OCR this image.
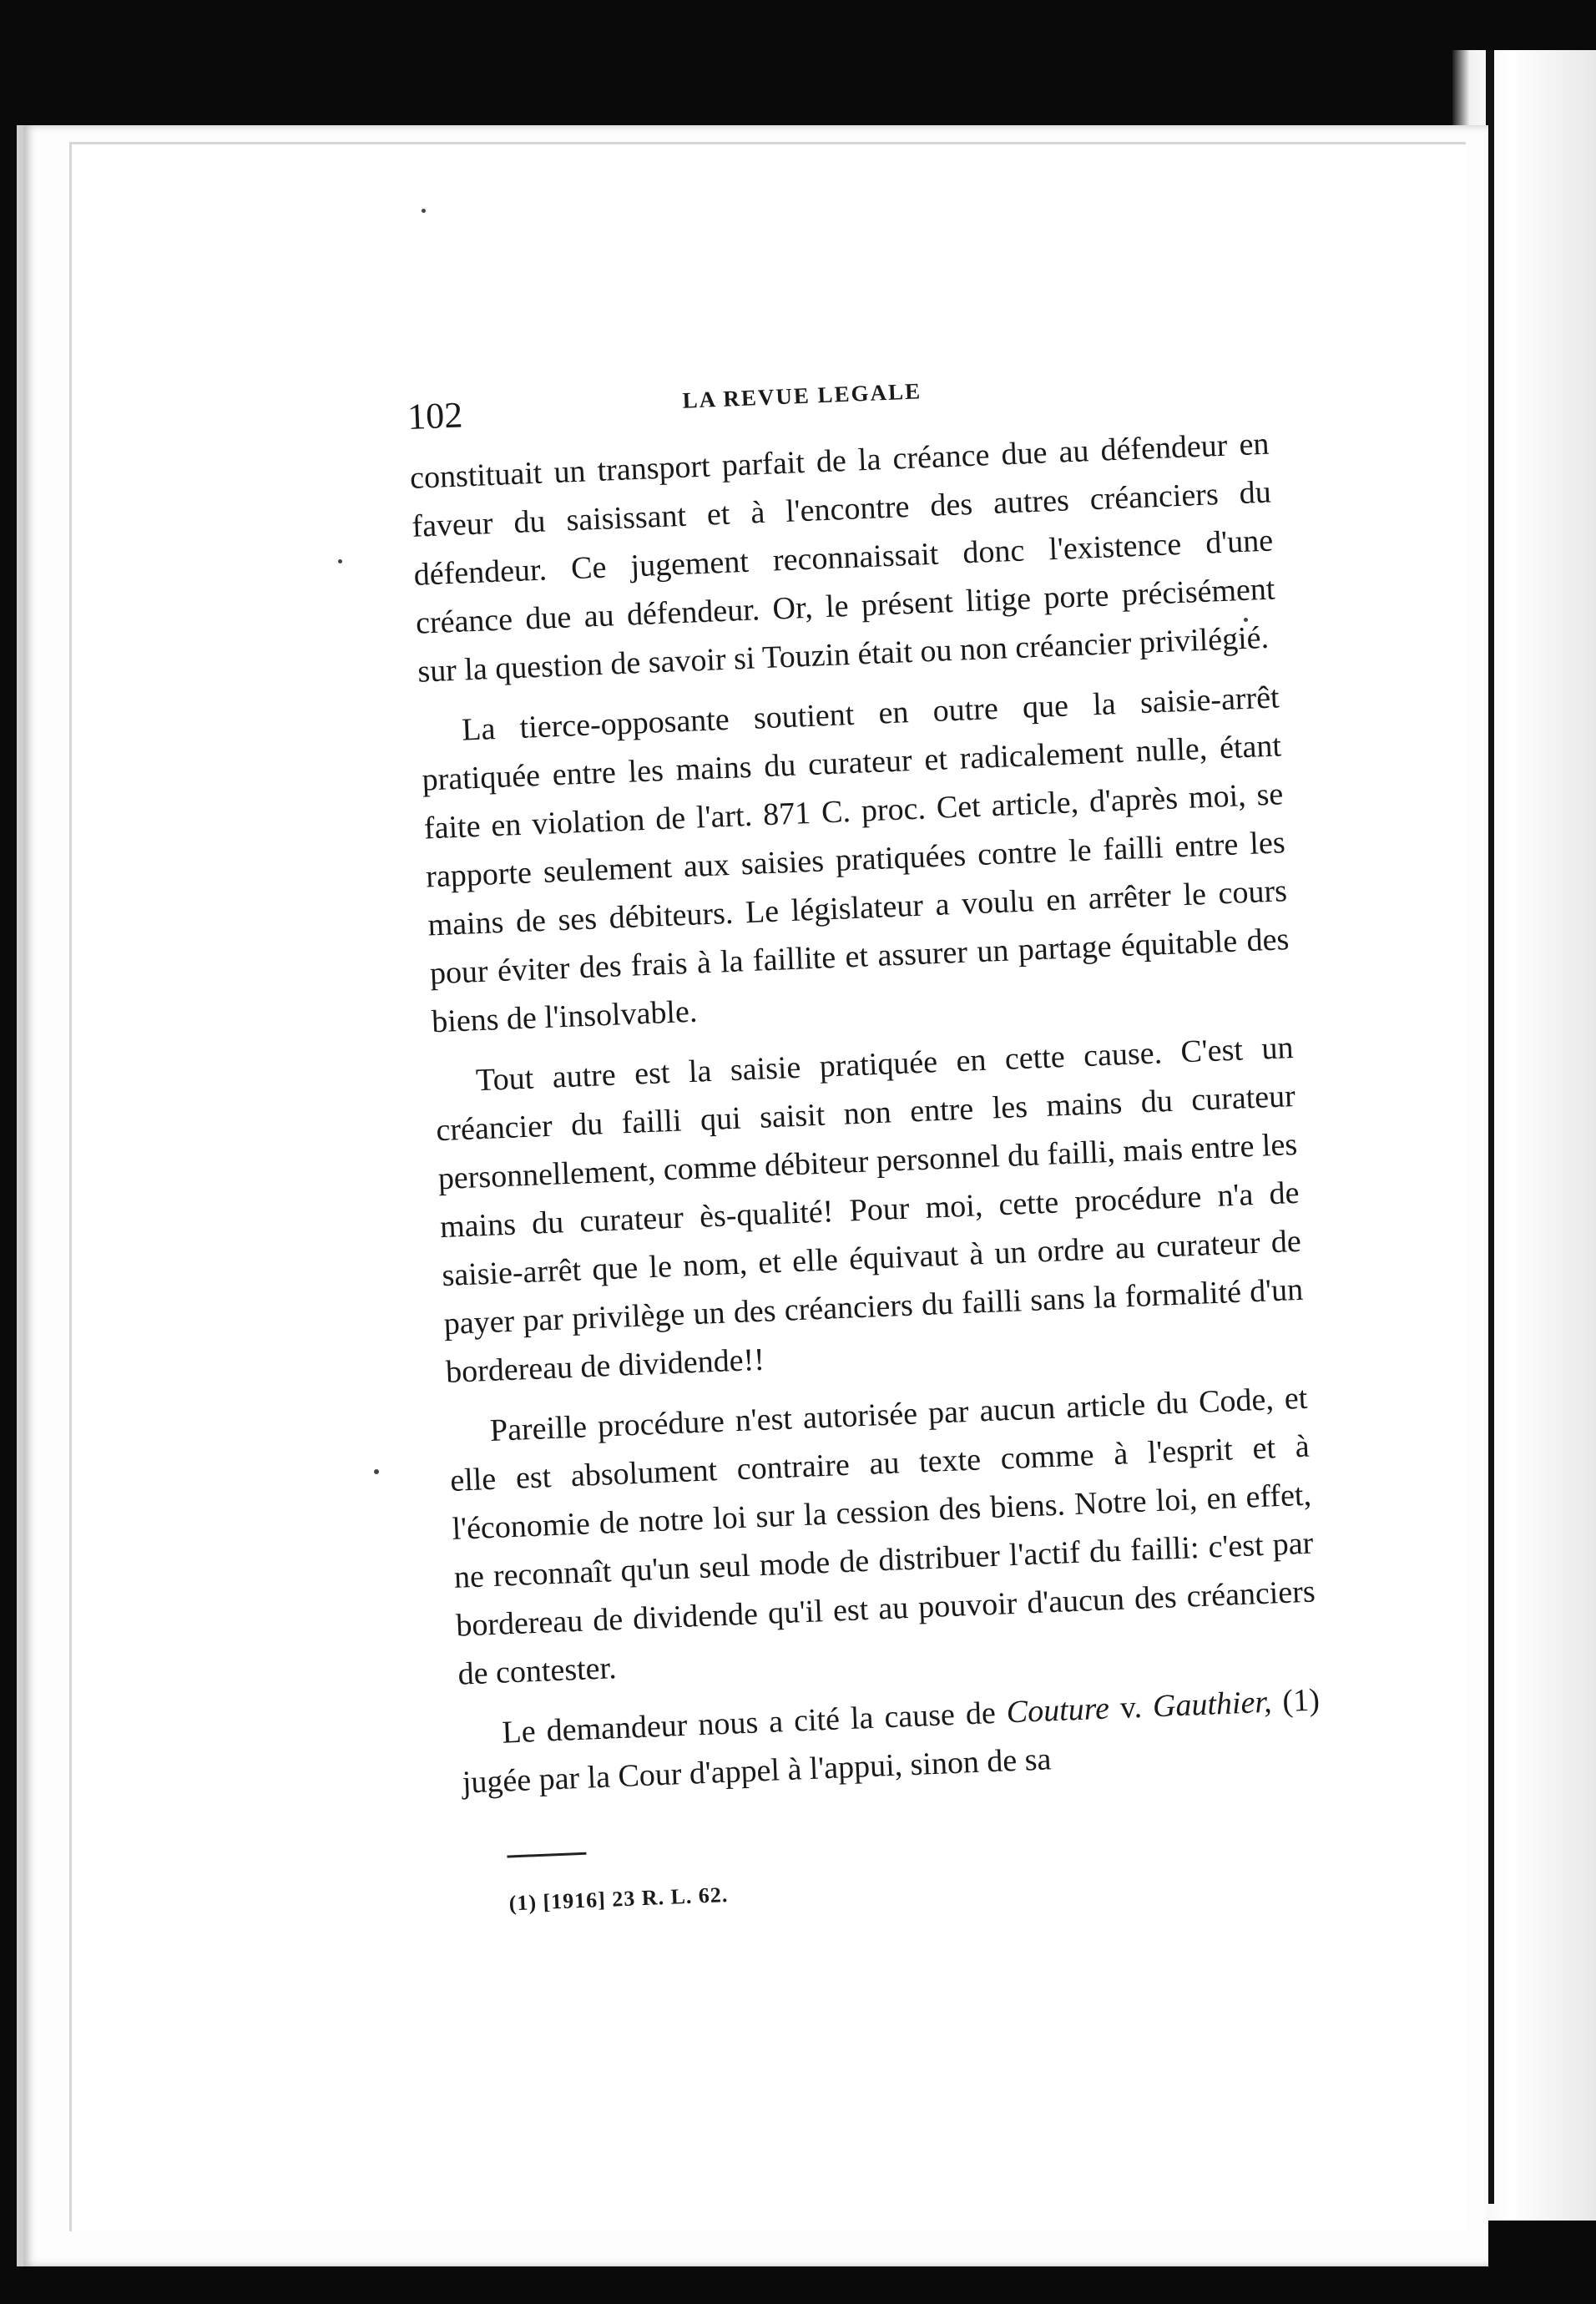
102	LA REVUE LEGALE

constituait un transport parfait de la créance due au défendeur en faveur du saisissant et à l'encontre des autres créanciers du défendeur. Ce jugement reconnaissait donc l'existence d'une créance due au défendeur. Or, le présent litige porte précisément sur la question de savoir si Touzin était ou non créancier privilégié.

La tierce-opposante soutient en outre que la saisie-arrêt pratiquée entre les mains du curateur et radicalement nulle, étant faite en violation de l'art. 871 C. proc. Cet article, d'après moi, se rapporte seulement aux saisies pratiquées contre le failli entre les mains de ses débiteurs. Le législateur a voulu en arrêter le cours pour éviter des frais à la faillite et assurer un partage équitable des biens de l'insolvable.

Tout autre est la saisie pratiquée en cette cause. C'est un créancier du failli qui saisit non entre les mains du curateur personnellement, comme débiteur personnel du failli, mais entre les mains du curateur ès-qualité! Pour moi, cette procédure n'a de saisie-arrêt que le nom, et elle équivaut à un ordre au curateur de payer par privilège un des créanciers du failli sans la formalité d'un bordereau de dividende!!

Pareille procédure n'est autorisée par aucun article du Code, et elle est absolument contraire au texte comme à l'esprit et à l'économie de notre loi sur la cession des biens. Notre loi, en effet, ne reconnaît qu'un seul mode de distribuer l'actif du failli: c'est par bordereau de dividende qu'il est au pouvoir d'aucun des créanciers de contester.

Le demandeur nous a cité la cause de Couture v. Gauthier, (1) jugée par la Cour d'appel à l'appui, sinon de sa

(1) [1916] 23 R. L. 62.
